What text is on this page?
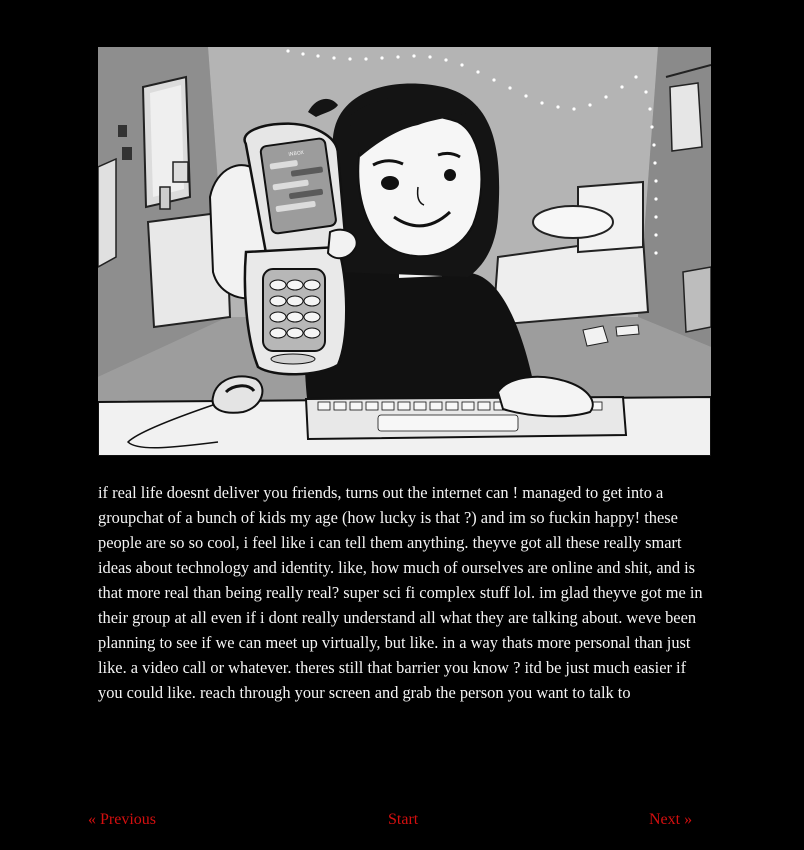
INBOX

if real life doesnt deliver you friends, turns out the internet can ! managed to get into a groupchat of a bunch of kids my age (how lucky is that ?) and im so fuckin happy! these people are so so cool, i feel like i can tell them anything. theyve got all these really smart ideas about technology and identity. like, how much of ourselves are online and shit, and is that more real than being really real? super sci fi complex stuff lol. im glad theyve got me in their group at all even if i dont really understand all what they are talking about. weve been planning to see if we can meet up virtually, but like. in a way thats more personal than just like. a video call or whatever. theres still that barrier you know ? itd be just much easier if you could like. reach through your screen and grab the person you want to talk to

« Previous	Start	Next »
